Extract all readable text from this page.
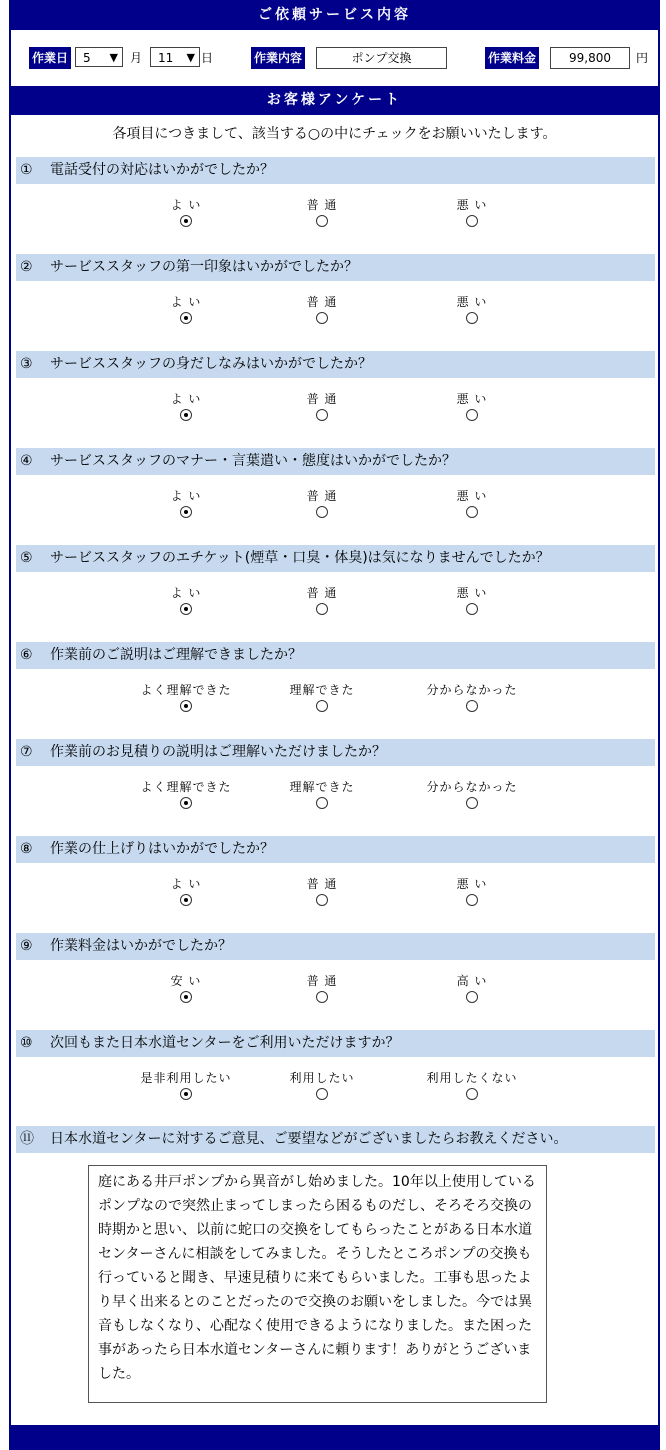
ご依頼サービス内容
作業日 5 ▼ 月 11 ▼ 日	作業内容	ポンプ交換	作業料金	99,800	円
お客様アンケート
各項目につきまして、該当する○の中にチェックをお願いいたします。
① 電話受付の対応はいかがでしたか？
よ い	普 通	悪 い
② サービススタッフの第一印象はいかがでしたか？
よ い	普 通	悪 い
③ サービススタッフの身だしなみはいかがでしたか？
よ い	普 通	悪 い
④ サービススタッフのマナー・言葉遣い・態度はいかがでしたか？
よ い	普 通	悪 い
⑤ サービススタッフのエチケット(煙草・口臭・体臭)は気になりませんでしたか？
よ い	普 通	悪 い
⑥ 作業前のご説明はご理解できましたか？
よく理解できた	理解できた	分からなかった
⑦ 作業前のお見積りの説明はご理解いただけましたか？
よく理解できた	理解できた	分からなかった
⑧ 作業の仕上げりはいかがでしたか？
よ い	普 通	悪 い
⑨ 作業料金はいかがでしたか？
安 い	普 通	高 い
⑩ 次回もまた日本水道センターをご利用いただけますか？
是非利用したい	利用したい	利用したくない
⑪ 日本水道センターに対するご意見、ご要望などがございましたらお教えください。
庭にある井戸ポンプから異音がし始めました。10年以上使用しているポンプなので突然止まってしまったら困るものだし、そろそろ交換の時期かと思い、以前に蛇口の交換をしてもらったことがある日本水道センターさんに相談をしてみました。そうしたところポンプの交換も行っていると聞き、早速見積りに来てもらいました。工事も思ったより早く出来るとのことだったので交換のお願いをしました。今では異音もしなくなり、心配なく使用できるようになりました。また困った事があったら日本水道センターさんに頼ります！ありがとうございました。
